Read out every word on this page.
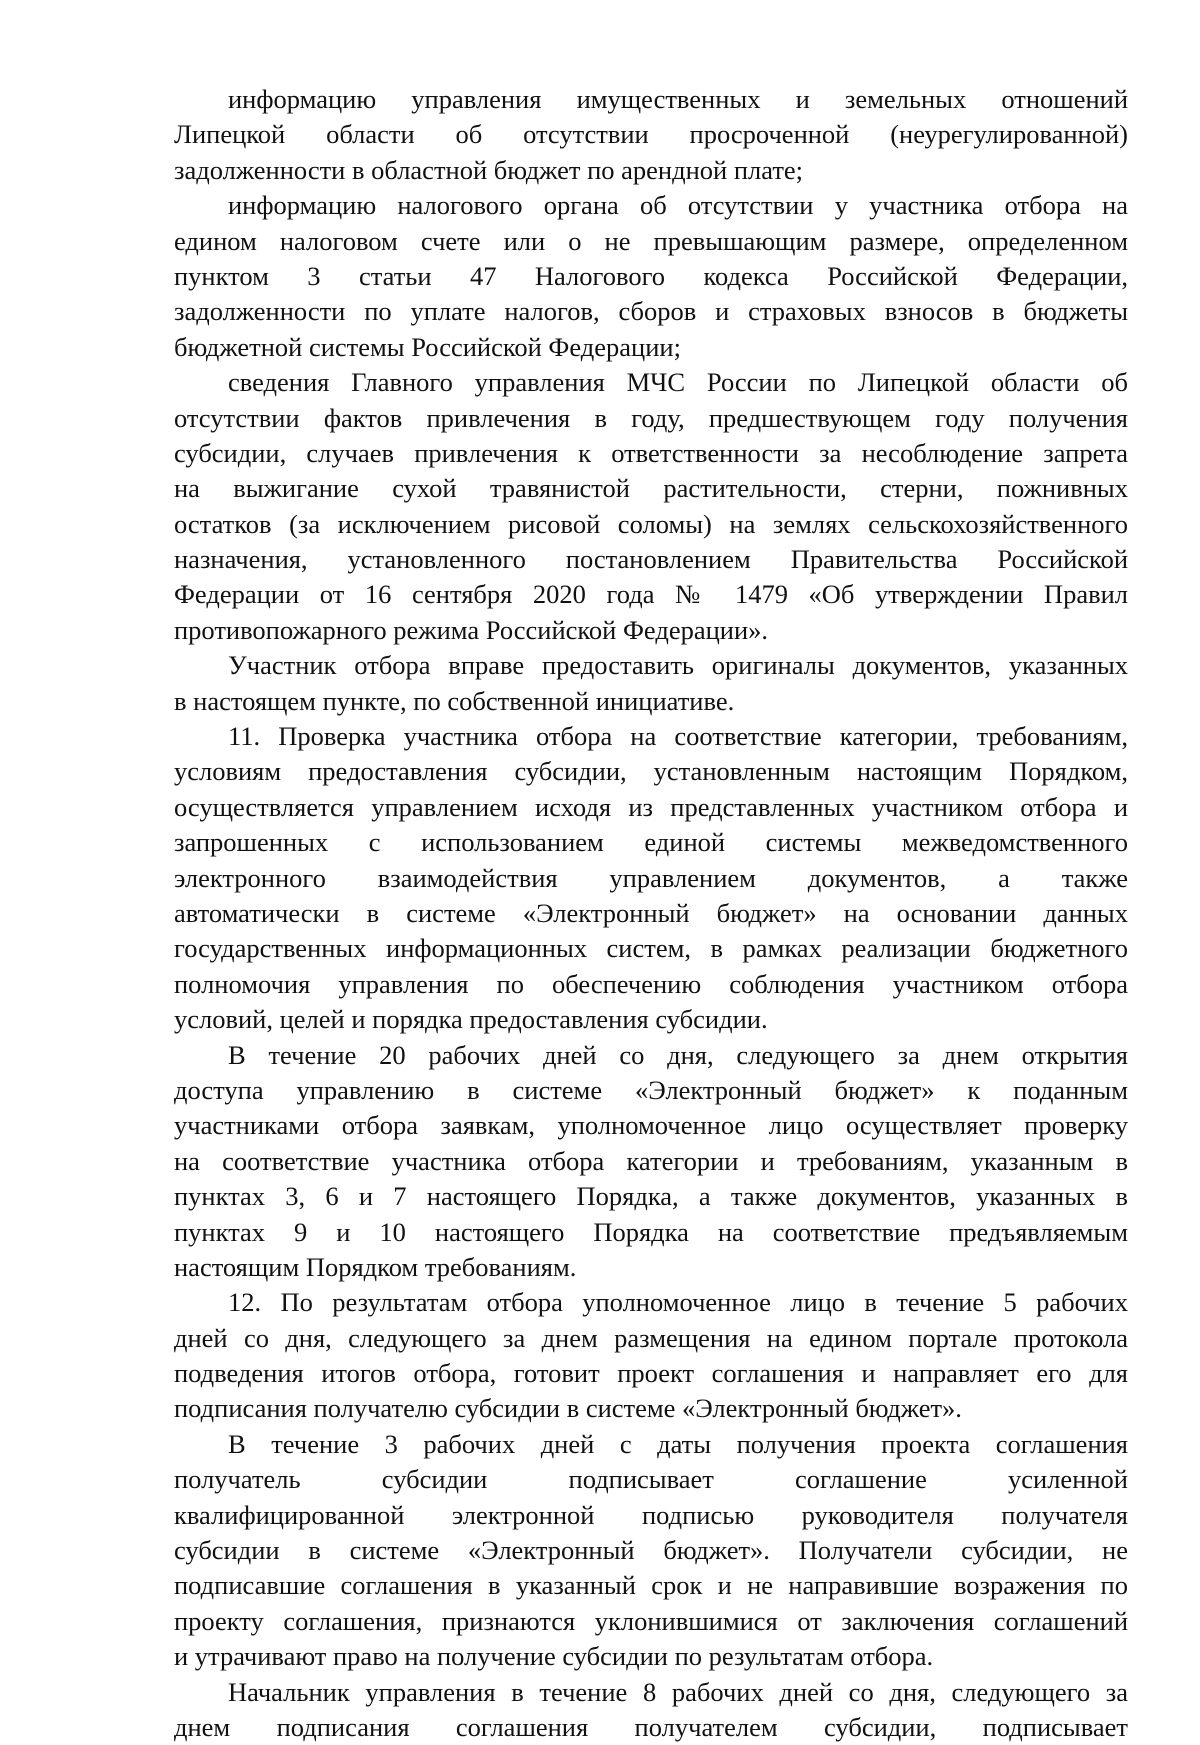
информацию управления имущественных и земельных отношений
Липецкой области об отсутствии просроченной (неурегулированной)
задолженности в областной бюджет по арендной плате;
информацию налогового органа об отсутствии у участника отбора на
едином налоговом счете или о не превышающим размере, определенном
пунктом 3 статьи 47 Налогового кодекса Российской Федерации,
задолженности по уплате налогов, сборов и страховых взносов в бюджеты
бюджетной системы Российской Федерации;
сведения Главного управления МЧС России по Липецкой области об
отсутствии фактов привлечения в году, предшествующем году получения
субсидии, случаев привлечения к ответственности за несоблюдение запрета
на выжигание сухой травянистой растительности, стерни, пожнивных
остатков (за исключением рисовой соломы) на землях сельскохозяйственного
назначения, установленного постановлением Правительства Российской
Федерации от 16 сентября 2020 года № 1479 «Об утверждении Правил
противопожарного режима Российской Федерации».
Участник отбора вправе предоставить оригиналы документов, указанных
в настоящем пункте, по собственной инициативе.
11. Проверка участника отбора на соответствие категории, требованиям,
условиям предоставления субсидии, установленным настоящим Порядком,
осуществляется управлением исходя из представленных участником отбора и
запрошенных с использованием единой системы межведомственного
электронного взаимодействия управлением документов, а также
автоматически в системе «Электронный бюджет» на основании данных
государственных информационных систем, в рамках реализации бюджетного
полномочия управления по обеспечению соблюдения участником отбора
условий, целей и порядка предоставления субсидии.
В течение 20 рабочих дней со дня, следующего за днем открытия
доступа управлению в системе «Электронный бюджет» к поданным
участниками отбора заявкам, уполномоченное лицо осуществляет проверку
на соответствие участника отбора категории и требованиям, указанным в
пунктах 3, 6 и 7 настоящего Порядка, а также документов, указанных в
пунктах 9 и 10 настоящего Порядка на соответствие предъявляемым
настоящим Порядком требованиям.
12. По результатам отбора уполномоченное лицо в течение 5 рабочих
дней со дня, следующего за днем размещения на едином портале протокола
подведения итогов отбора, готовит проект соглашения и направляет его для
подписания получателю субсидии в системе «Электронный бюджет».
В течение 3 рабочих дней с даты получения проекта соглашения
получатель субсидии подписывает соглашение усиленной
квалифицированной электронной подписью руководителя получателя
субсидии в системе «Электронный бюджет». Получатели субсидии, не
подписавшие соглашения в указанный срок и не направившие возражения по
проекту соглашения, признаются уклонившимися от заключения соглашений
и утрачивают право на получение субсидии по результатам отбора.
Начальник управления в течение 8 рабочих дней со дня, следующего за
днем подписания соглашения получателем субсидии, подписывает
